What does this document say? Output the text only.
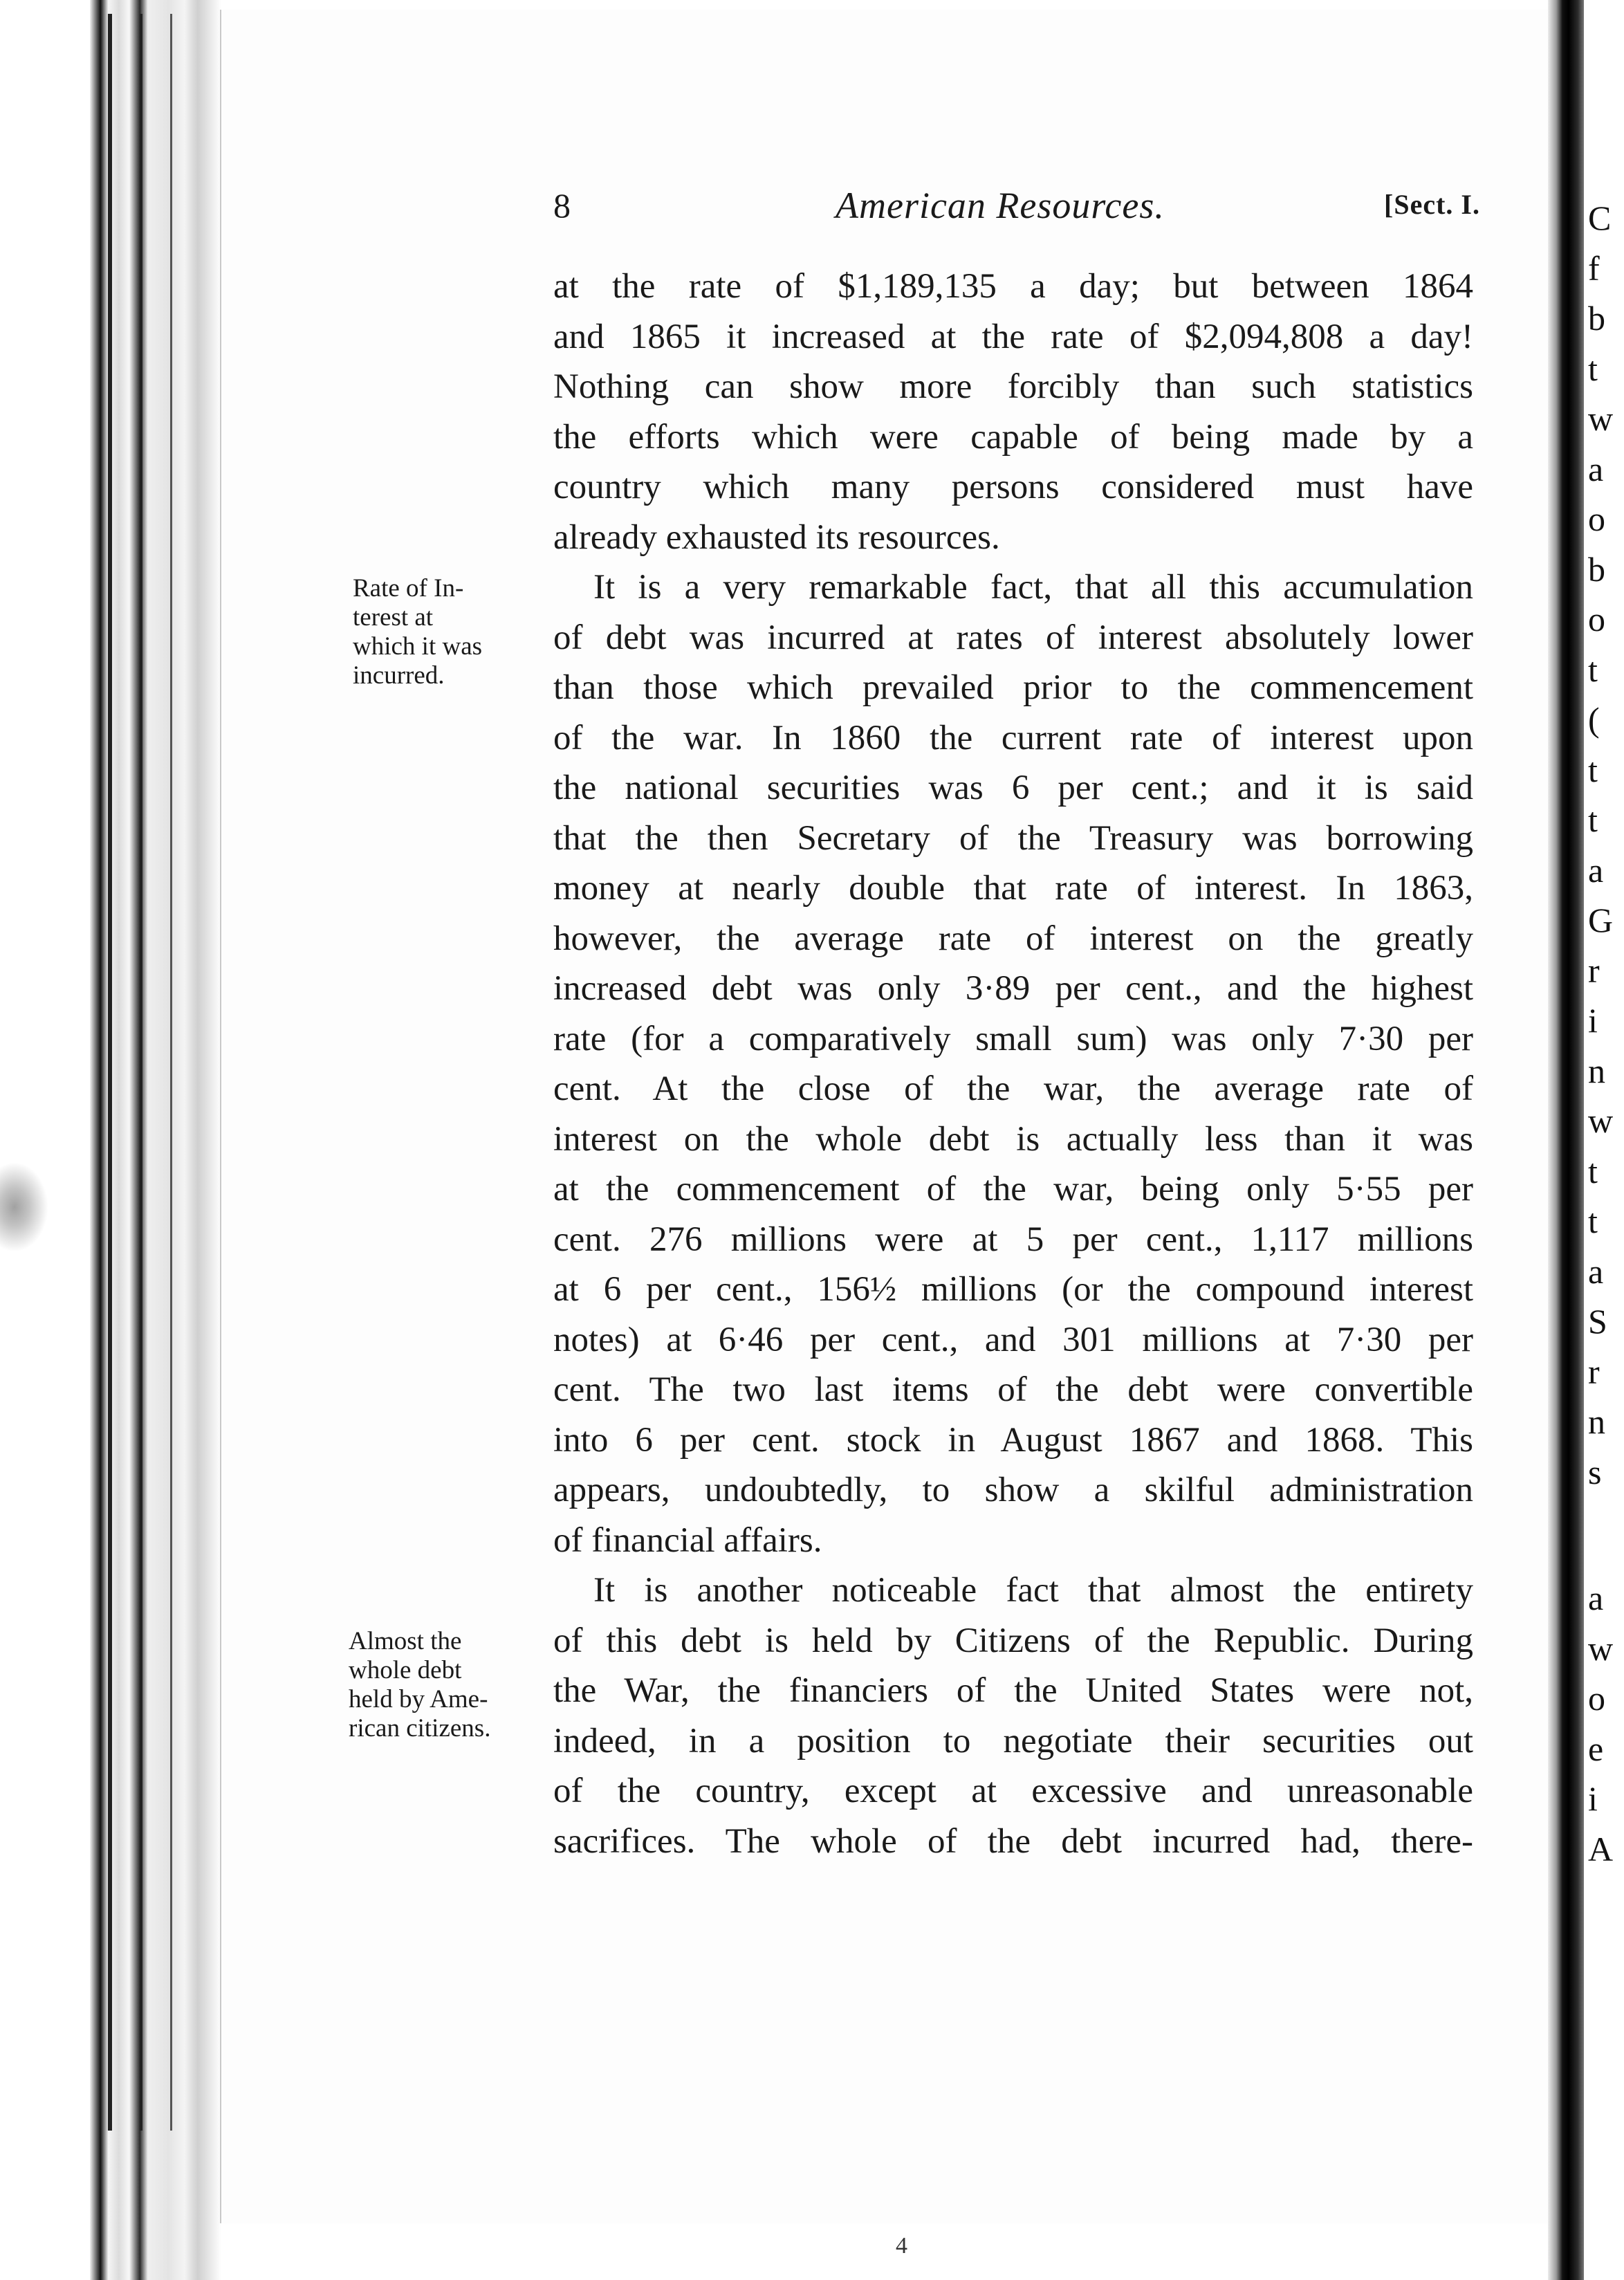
C
f
b
t
w
a
o
b
o
t
(
t
t
a
G
r
i
n
w
t
t
a
S
r
n
s
a
w
o
e
i
A
8	American Resources.	[Sect. I.
Rate of In-
terest at
which it was
incurred.
Almost the
whole debt
held by Ame-
rican citizens.
at the rate of $1,189,135 a day; but between 1864
and 1865 it increased at the rate of $2,094,808 a day!
Nothing can show more forcibly than such statistics
the efforts which were capable of being made by a
country which many persons considered must have
already exhausted its resources.
It is a very remarkable fact, that all this accumulation
of debt was incurred at rates of interest absolutely lower
than those which prevailed prior to the commencement
of the war. In 1860 the current rate of interest upon
the national securities was 6 per cent.; and it is said
that the then Secretary of the Treasury was borrowing
money at nearly double that rate of interest. In 1863,
however, the average rate of interest on the greatly
increased debt was only 3·89 per cent., and the highest
rate (for a comparatively small sum) was only 7·30 per
cent. At the close of the war, the average rate of
interest on the whole debt is actually less than it was
at the commencement of the war, being only 5·55 per
cent. 276 millions were at 5 per cent., 1,117 millions
at 6 per cent., 156½ millions (or the compound interest
notes) at 6·46 per cent., and 301 millions at 7·30 per
cent. The two last items of the debt were convertible
into 6 per cent. stock in August 1867 and 1868. This
appears, undoubtedly, to show a skilful administration
of financial affairs.
It is another noticeable fact that almost the entirety
of this debt is held by Citizens of the Republic. During
the War, the financiers of the United States were not,
indeed, in a position to negotiate their securities out
of the country, except at excessive and unreasonable
sacrifices. The whole of the debt incurred had, there-
4
